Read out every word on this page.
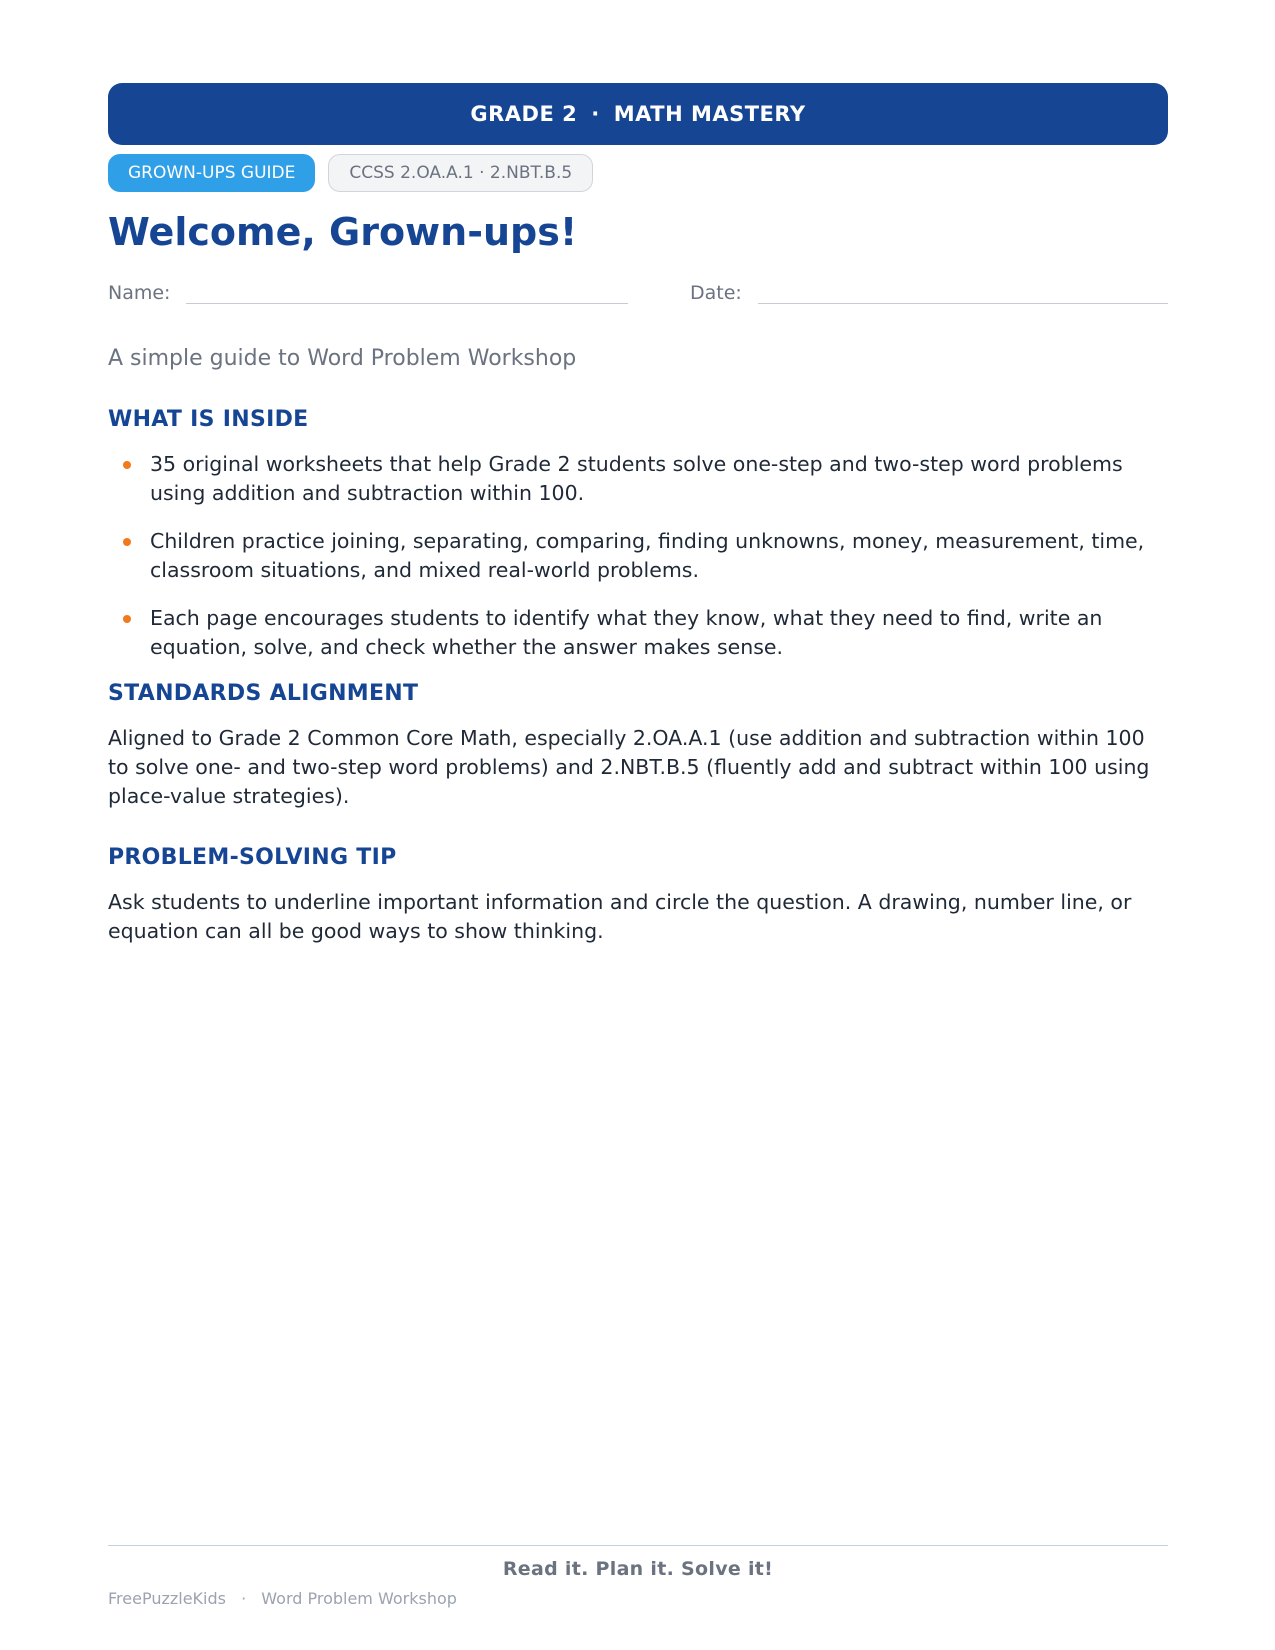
GRADE 2 · MATH MASTERY
GROWN-UPS GUIDE	CCSS 2.OA.A.1 · 2.NBT.B.5
Welcome, Grown-ups!
Name:	Date:
A simple guide to Word Problem Workshop
WHAT IS INSIDE
35 original worksheets that help Grade 2 students solve one-step and two-step word problems using addition and subtraction within 100.
Children practice joining, separating, comparing, finding unknowns, money, measurement, time, classroom situations, and mixed real-world problems.
Each page encourages students to identify what they know, what they need to find, write an equation, solve, and check whether the answer makes sense.
STANDARDS ALIGNMENT
Aligned to Grade 2 Common Core Math, especially 2.OA.A.1 (use addition and subtraction within 100 to solve one- and two-step word problems) and 2.NBT.B.5 (fluently add and subtract within 100 using place-value strategies).
PROBLEM-SOLVING TIP
Ask students to underline important information and circle the question. A drawing, number line, or equation can all be good ways to show thinking.
Read it. Plan it. Solve it!
FreePuzzleKids · Word Problem Workshop
